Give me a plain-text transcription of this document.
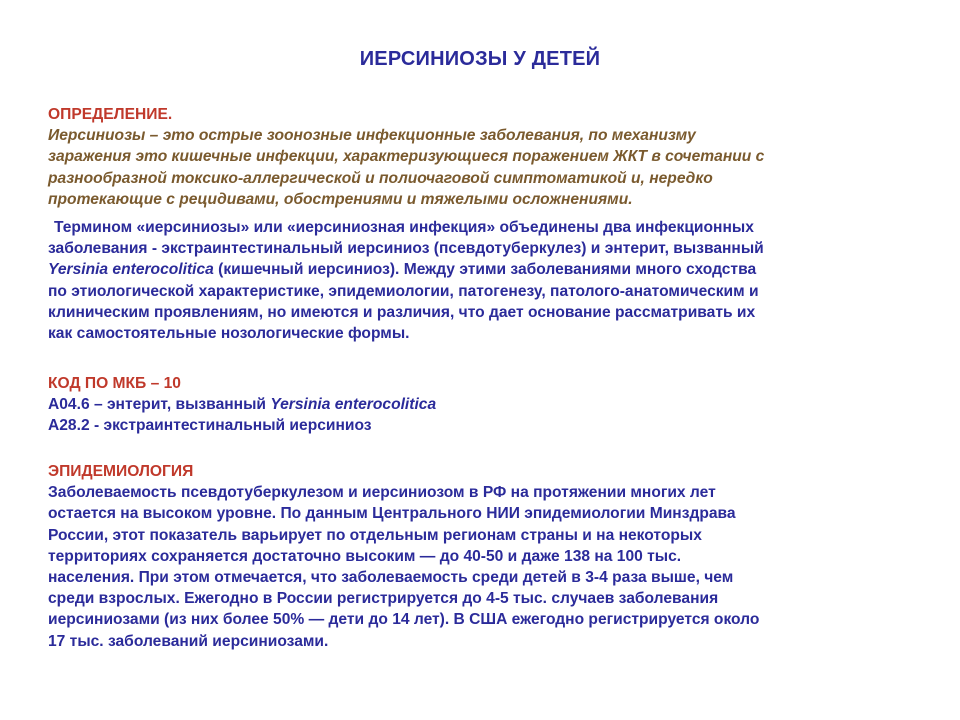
ИЕРСИНИОЗЫ У ДЕТЕЙ
ОПРЕДЕЛЕНИЕ.
Иерсиниозы – это острые зоонозные инфекционные заболевания, по механизму
заражения это кишечные инфекции, характеризующиеся поражением ЖКТ в сочетании с
разнообразной токсико-аллергической и полиочаговой симптоматикой и, нередко
протекающие с рецидивами, обострениями и тяжелыми осложнениями.
Термином «иерсиниозы» или «иерсиниозная инфекция» объединены два инфекционных
заболевания - экстраинтестинальный иерсиниоз (псевдотуберкулез) и энтерит, вызванный
Yersinia enterocolitica (кишечный иерсиниоз). Между этими заболеваниями много сходства
по этиологической характеристике, эпидемиологии, патогенезу, патолого-анатомическим и
клиническим проявлениям, но имеются и различия, что дает основание рассматривать их
как самостоятельные нозологические формы.
КОД ПО МКБ – 10
А04.6 – энтерит, вызванный Yersinia enterocolitica
А28.2 - экстраинтестинальный иерсиниоз
ЭПИДЕМИОЛОГИЯ
Заболеваемость псевдотуберкулезом и иерсиниозом в РФ на протяжении многих лет
остается на высоком уровне. По данным Центрального НИИ эпидемиологии Минздрава
России, этот показатель варьирует по отдельным регионам страны и на некоторых
территориях сохраняется достаточно высоким — до 40-50 и даже 138 на 100 тыс.
населения. При этом отмечается, что заболеваемость среди детей в 3-4 раза выше, чем
среди взрослых. Ежегодно в России регистрируется до 4-5 тыс. случаев заболевания
иерсиниозами (из них более 50% — дети до 14 лет). В США ежегодно регистрируется около
17 тыс. заболеваний иерсиниозами.
